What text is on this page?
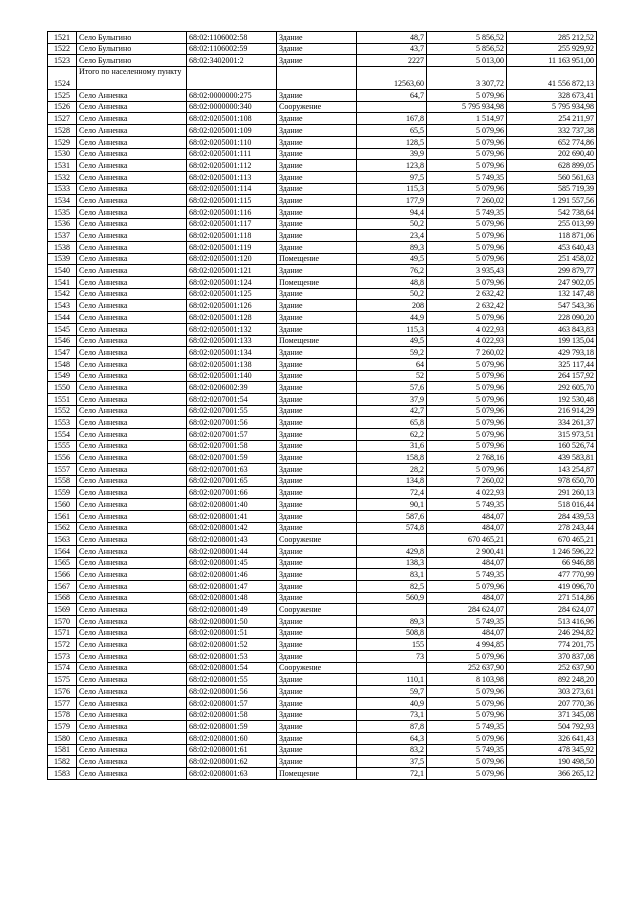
1521	Село Булыгино	68:02:1106002:58	Здание	48,7	5 856,52	285 212,52
1522	Село Булыгино	68:02:1106002:59	Здание	43,7	5 856,52	255 929,92
1523	Село Булыгино	68:02:3402001:2	Здание	2227	5 013,00	11 163 951,00
1524	Итого по населенному пункту			12563,60	3 307,72	41 556 872,13
1525	Село Анненка	68:02:0000000:275	Здание	64,7	5 079,96	328 673,41
1526	Село Анненка	68:02:0000000:340	Сооружение		5 795 934,98	5 795 934,98
1527	Село Анненка	68:02:0205001:108	Здание	167,8	1 514,97	254 211,97
1528	Село Анненка	68:02:0205001:109	Здание	65,5	5 079,96	332 737,38
1529	Село Анненка	68:02:0205001:110	Здание	128,5	5 079,96	652 774,86
1530	Село Анненка	68:02:0205001:111	Здание	39,9	5 079,96	202 690,40
1531	Село Анненка	68:02:0205001:112	Здание	123,8	5 079,96	628 899,05
1532	Село Анненка	68:02:0205001:113	Здание	97,5	5 749,35	560 561,63
1533	Село Анненка	68:02:0205001:114	Здание	115,3	5 079,96	585 719,39
1534	Село Анненка	68:02:0205001:115	Здание	177,9	7 260,02	1 291 557,56
1535	Село Анненка	68:02:0205001:116	Здание	94,4	5 749,35	542 738,64
1536	Село Анненка	68:02:0205001:117	Здание	50,2	5 079,96	255 013,99
1537	Село Анненка	68:02:0205001:118	Здание	23,4	5 079,96	118 871,06
1538	Село Анненка	68:02:0205001:119	Здание	89,3	5 079,96	453 640,43
1539	Село Анненка	68:02:0205001:120	Помещение	49,5	5 079,96	251 458,02
1540	Село Анненка	68:02:0205001:121	Здание	76,2	3 935,43	299 879,77
1541	Село Анненка	68:02:0205001:124	Помещение	48,8	5 079,96	247 902,05
1542	Село Анненка	68:02:0205001:125	Здание	50,2	2 632,42	132 147,48
1543	Село Анненка	68:02:0205001:126	Здание	208	2 632,42	547 543,36
1544	Село Анненка	68:02:0205001:128	Здание	44,9	5 079,96	228 090,20
1545	Село Анненка	68:02:0205001:132	Здание	115,3	4 022,93	463 843,83
1546	Село Анненка	68:02:0205001:133	Помещение	49,5	4 022,93	199 135,04
1547	Село Анненка	68:02:0205001:134	Здание	59,2	7 260,02	429 793,18
1548	Село Анненка	68:02:0205001:138	Здание	64	5 079,96	325 117,44
1549	Село Анненка	68:02:0205001:140	Здание	52	5 079,96	264 157,92
1550	Село Анненка	68:02:0206002:39	Здание	57,6	5 079,96	292 605,70
1551	Село Анненка	68:02:0207001:54	Здание	37,9	5 079,96	192 530,48
1552	Село Анненка	68:02:0207001:55	Здание	42,7	5 079,96	216 914,29
1553	Село Анненка	68:02:0207001:56	Здание	65,8	5 079,96	334 261,37
1554	Село Анненка	68:02:0207001:57	Здание	62,2	5 079,96	315 973,51
1555	Село Анненка	68:02:0207001:58	Здание	31,6	5 079,96	160 526,74
1556	Село Анненка	68:02:0207001:59	Здание	158,8	2 768,16	439 583,81
1557	Село Анненка	68:02:0207001:63	Здание	28,2	5 079,96	143 254,87
1558	Село Анненка	68:02:0207001:65	Здание	134,8	7 260,02	978 650,70
1559	Село Анненка	68:02:0207001:66	Здание	72,4	4 022,93	291 260,13
1560	Село Анненка	68:02:0208001:40	Здание	90,1	5 749,35	518 016,44
1561	Село Анненка	68:02:0208001:41	Здание	587,6	484,07	284 439,53
1562	Село Анненка	68:02:0208001:42	Здание	574,8	484,07	278 243,44
1563	Село Анненка	68:02:0208001:43	Сооружение		670 465,21	670 465,21
1564	Село Анненка	68:02:0208001:44	Здание	429,8	2 900,41	1 246 596,22
1565	Село Анненка	68:02:0208001:45	Здание	138,3	484,07	66 946,88
1566	Село Анненка	68:02:0208001:46	Здание	83,1	5 749,35	477 770,99
1567	Село Анненка	68:02:0208001:47	Здание	82,5	5 079,96	419 096,70
1568	Село Анненка	68:02:0208001:48	Здание	560,9	484,07	271 514,86
1569	Село Анненка	68:02:0208001:49	Сооружение		284 624,07	284 624,07
1570	Село Анненка	68:02:0208001:50	Здание	89,3	5 749,35	513 416,96
1571	Село Анненка	68:02:0208001:51	Здание	508,8	484,07	246 294,82
1572	Село Анненка	68:02:0208001:52	Здание	155	4 994,85	774 201,75
1573	Село Анненка	68:02:0208001:53	Здание	73	5 079,96	370 837,08
1574	Село Анненка	68:02:0208001:54	Сооружение		252 637,90	252 637,90
1575	Село Анненка	68:02:0208001:55	Здание	110,1	8 103,98	892 248,20
1576	Село Анненка	68:02:0208001:56	Здание	59,7	5 079,96	303 273,61
1577	Село Анненка	68:02:0208001:57	Здание	40,9	5 079,96	207 770,36
1578	Село Анненка	68:02:0208001:58	Здание	73,1	5 079,96	371 345,08
1579	Село Анненка	68:02:0208001:59	Здание	87,8	5 749,35	504 792,93
1580	Село Анненка	68:02:0208001:60	Здание	64,3	5 079,96	326 641,43
1581	Село Анненка	68:02:0208001:61	Здание	83,2	5 749,35	478 345,92
1582	Село Анненка	68:02:0208001:62	Здание	37,5	5 079,96	190 498,50
1583	Село Анненка	68:02:0208001:63	Помещение	72,1	5 079,96	366 265,12
